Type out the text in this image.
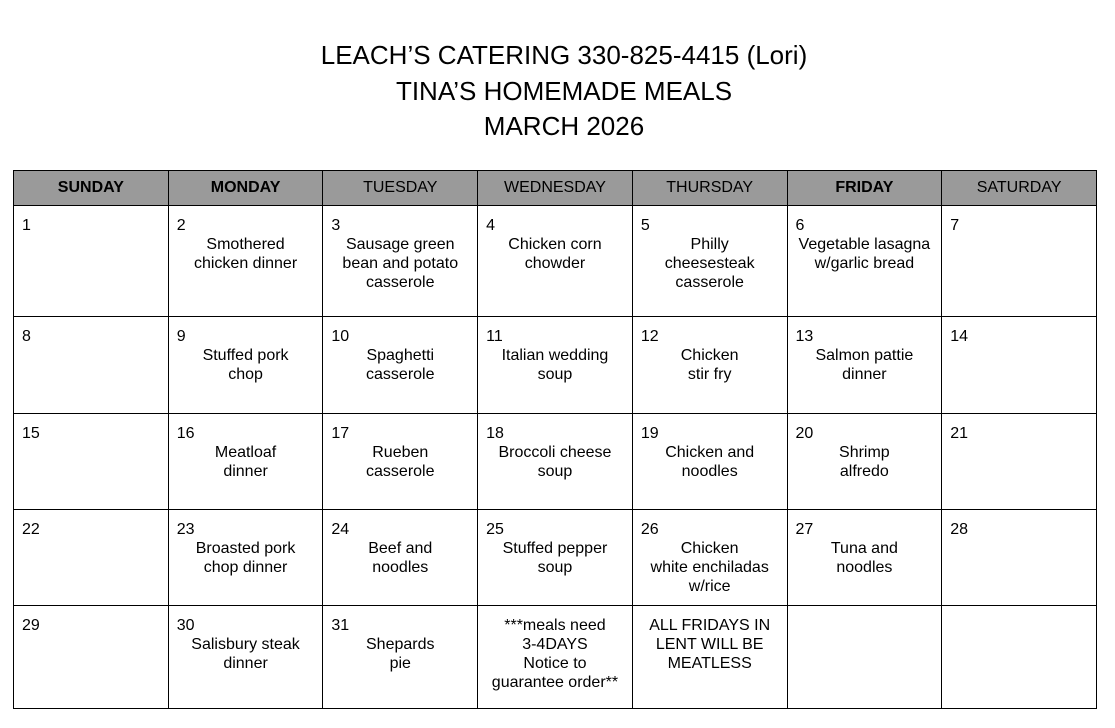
LEACH’S CATERING 330-825-4415 (Lori)
TINA’S HOMEMADE MEALS
MARCH 2026
SUNDAY	MONDAY	TUESDAY	WEDNESDAY	THURSDAY	FRIDAY	SATURDAY

1	2
Smothered
chicken dinner	3
Sausage green
bean and potato
casserole	4
Chicken corn
chowder	5
Philly
cheesesteak
casserole	6
Vegetable lasagna
w/garlic bread	7

8	9
Stuffed pork
chop	10
Spaghetti
casserole	11
Italian wedding
soup	12
Chicken
stir fry	13
Salmon pattie
dinner	14

15	16
Meatloaf
dinner	17
Rueben
casserole	18
Broccoli cheese
soup	19
Chicken and
noodles	20
Shrimp
alfredo	21

22	23
Broasted pork
chop dinner	24
Beef and
noodles	25
Stuffed pepper
soup	26
Chicken
white enchiladas
w/rice	27
Tuna and
noodles	28

29	30
Salisbury steak
dinner	31
Shepards
pie	***meals need
3-4DAYS
Notice to
guarantee order**	ALL FRIDAYS IN
LENT WILL BE
MEATLESS		
